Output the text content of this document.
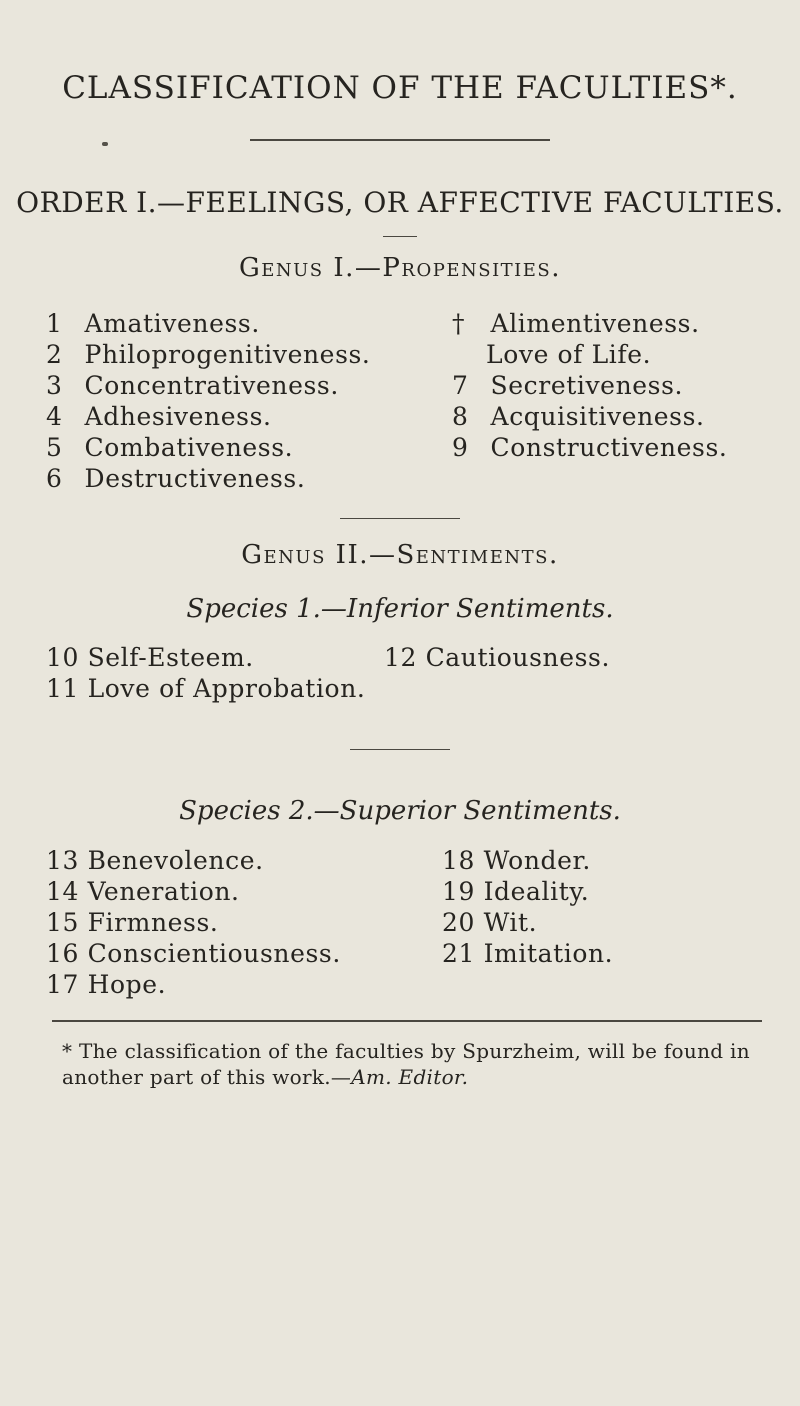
CLASSIFICATION OF THE FACULTIES*.
ORDER I.—FEELINGS, OR AFFECTIVE FACULTIES.
Genus I.—Propensities.
1 Amativeness.
2 Philoprogenitiveness.
3 Concentrativeness.
4 Adhesiveness.
5 Combativeness.
6 Destructiveness.
† Alimentiveness.
Love of Life.
7 Secretiveness.
8 Acquisitiveness.
9 Constructiveness.
Genus II.—Sentiments.
Species 1.—Inferior Sentiments.
10 Self-Esteem.
11 Love of Approbation.
12 Cautiousness.
Species 2.—Superior Sentiments.
13 Benevolence.
14 Veneration.
15 Firmness.
16 Conscientiousness.
17 Hope.
18 Wonder.
19 Ideality.
20 Wit.
21 Imitation.
* The classification of the faculties by Spurzheim, will be found in another part of this work.—Am. Editor.
